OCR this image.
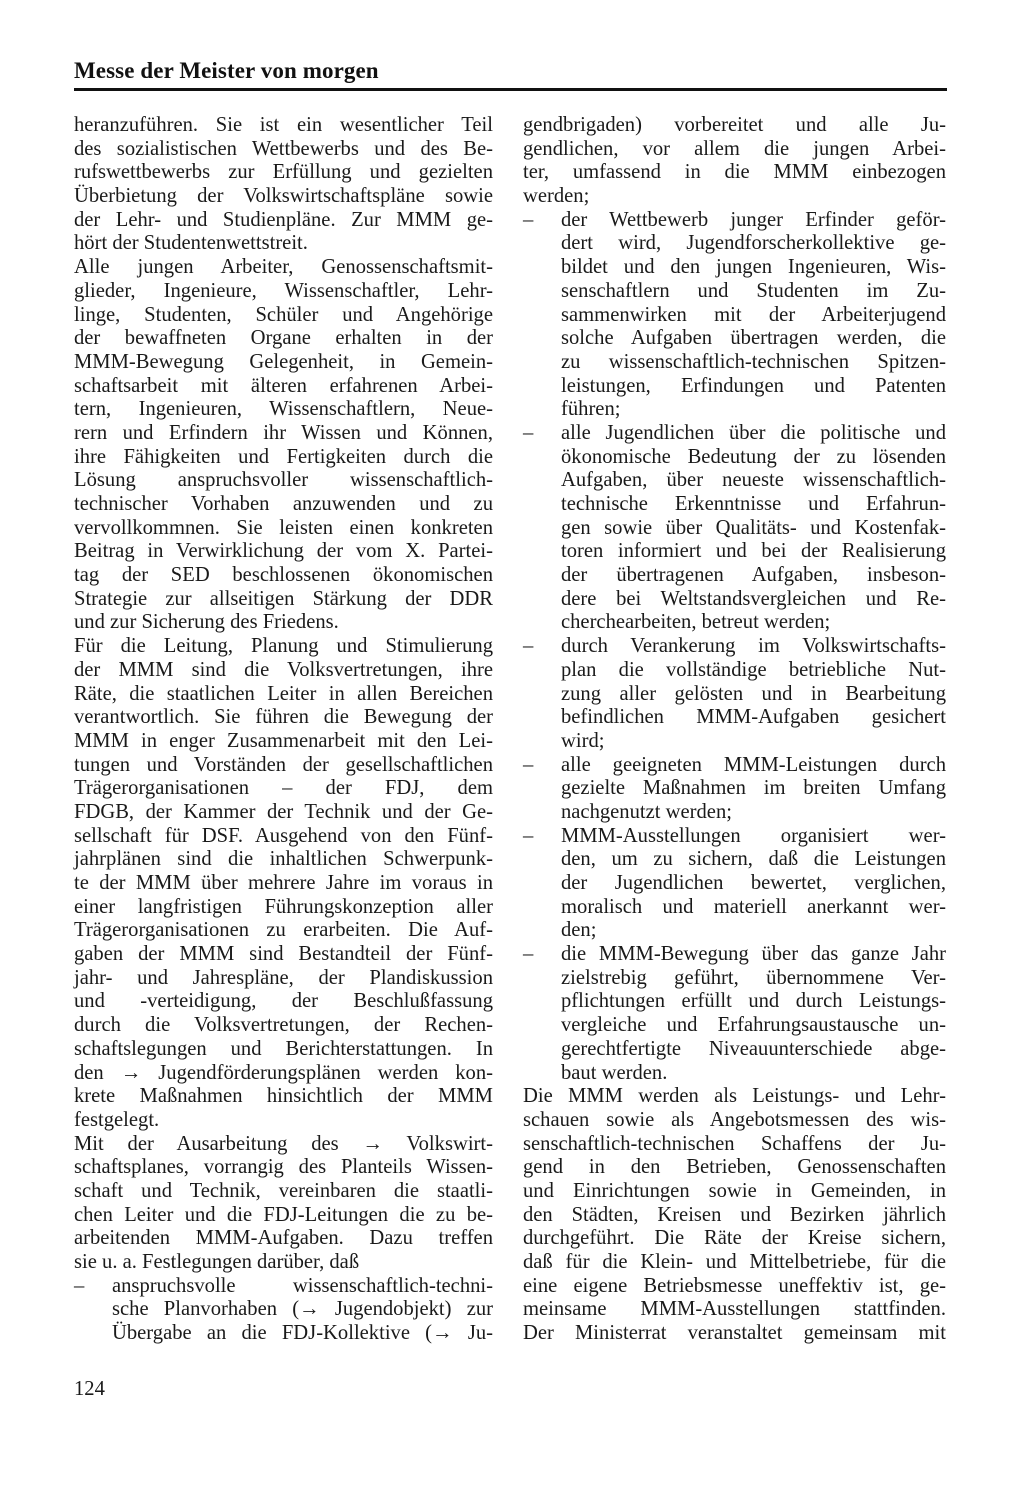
Messe der Meister von morgen
heranzuführen. Sie ist ein wesentlicher Teil
des sozialistischen Wettbewerbs und des Be-
rufswettbewerbs zur Erfüllung und gezielten
Überbietung der Volkswirtschaftspläne sowie
der Lehr- und Studienpläne. Zur MMM ge-
hört der Studentenwettstreit.
Alle jungen Arbeiter, Genossenschaftsmit-
glieder, Ingenieure, Wissenschaftler, Lehr-
linge, Studenten, Schüler und Angehörige
der bewaffneten Organe erhalten in der
MMM-Bewegung Gelegenheit, in Gemein-
schaftsarbeit mit älteren erfahrenen Arbei-
tern, Ingenieuren, Wissenschaftlern, Neue-
rern und Erfindern ihr Wissen und Können,
ihre Fähigkeiten und Fertigkeiten durch die
Lösung anspruchsvoller wissenschaftlich-
technischer Vorhaben anzuwenden und zu
vervollkommnen. Sie leisten einen konkreten
Beitrag in Verwirklichung der vom X. Partei-
tag der SED beschlossenen ökonomischen
Strategie zur allseitigen Stärkung der DDR
und zur Sicherung des Friedens.
Für die Leitung, Planung und Stimulierung
der MMM sind die Volksvertretungen, ihre
Räte, die staatlichen Leiter in allen Bereichen
verantwortlich. Sie führen die Bewegung der
MMM in enger Zusammenarbeit mit den Lei-
tungen und Vorständen der gesellschaftlichen
Trägerorganisationen – der FDJ, dem
FDGB, der Kammer der Technik und der Ge-
sellschaft für DSF. Ausgehend von den Fünf-
jahrplänen sind die inhaltlichen Schwerpunk-
te der MMM über mehrere Jahre im voraus in
einer langfristigen Führungskonzeption aller
Trägerorganisationen zu erarbeiten. Die Auf-
gaben der MMM sind Bestandteil der Fünf-
jahr- und Jahrespläne, der Plandiskussion
und -verteidigung, der Beschlußfassung
durch die Volksvertretungen, der Rechen-
schaftslegungen und Berichterstattungen. In
den → Jugendförderungsplänen werden kon-
krete Maßnahmen hinsichtlich der MMM
festgelegt.
Mit der Ausarbeitung des → Volkswirt-
schaftsplanes, vorrangig des Planteils Wissen-
schaft und Technik, vereinbaren die staatli-
chen Leiter und die FDJ-Leitungen die zu be-
arbeitenden MMM-Aufgaben. Dazu treffen
sie u. a. Festlegungen darüber, daß
– anspruchsvolle wissenschaftlich-techni-
sche Planvorhaben (→ Jugendobjekt) zur
Übergabe an die FDJ-Kollektive (→ Ju-
gendbrigaden) vorbereitet und alle Ju-
gendlichen, vor allem die jungen Arbei-
ter, umfassend in die MMM einbezogen
werden;
– der Wettbewerb junger Erfinder geför-
dert wird, Jugendforscherkollektive ge-
bildet und den jungen Ingenieuren, Wis-
senschaftlern und Studenten im Zu-
sammenwirken mit der Arbeiterjugend
solche Aufgaben übertragen werden, die
zu wissenschaftlich-technischen Spitzen-
leistungen, Erfindungen und Patenten
führen;
– alle Jugendlichen über die politische und
ökonomische Bedeutung der zu lösenden
Aufgaben, über neueste wissenschaftlich-
technische Erkenntnisse und Erfahrun-
gen sowie über Qualitäts- und Kostenfak-
toren informiert und bei der Realisierung
der übertragenen Aufgaben, insbeson-
dere bei Weltstandsvergleichen und Re-
cherchearbeiten, betreut werden;
– durch Verankerung im Volkswirtschafts-
plan die vollständige betriebliche Nut-
zung aller gelösten und in Bearbeitung
befindlichen MMM-Aufgaben gesichert
wird;
– alle geeigneten MMM-Leistungen durch
gezielte Maßnahmen im breiten Umfang
nachgenutzt werden;
– MMM-Ausstellungen organisiert wer-
den, um zu sichern, daß die Leistungen
der Jugendlichen bewertet, verglichen,
moralisch und materiell anerkannt wer-
den;
– die MMM-Bewegung über das ganze Jahr
zielstrebig geführt, übernommene Ver-
pflichtungen erfüllt und durch Leistungs-
vergleiche und Erfahrungsaustausche un-
gerechtfertigte Niveauunterschiede abge-
baut werden.
Die MMM werden als Leistungs- und Lehr-
schauen sowie als Angebotsmessen des wis-
senschaftlich-technischen Schaffens der Ju-
gend in den Betrieben, Genossenschaften
und Einrichtungen sowie in Gemeinden, in
den Städten, Kreisen und Bezirken jährlich
durchgeführt. Die Räte der Kreise sichern,
daß für die Klein- und Mittelbetriebe, für die
eine eigene Betriebsmesse uneffektiv ist, ge-
meinsame MMM-Ausstellungen stattfinden.
Der Ministerrat veranstaltet gemeinsam mit
124
